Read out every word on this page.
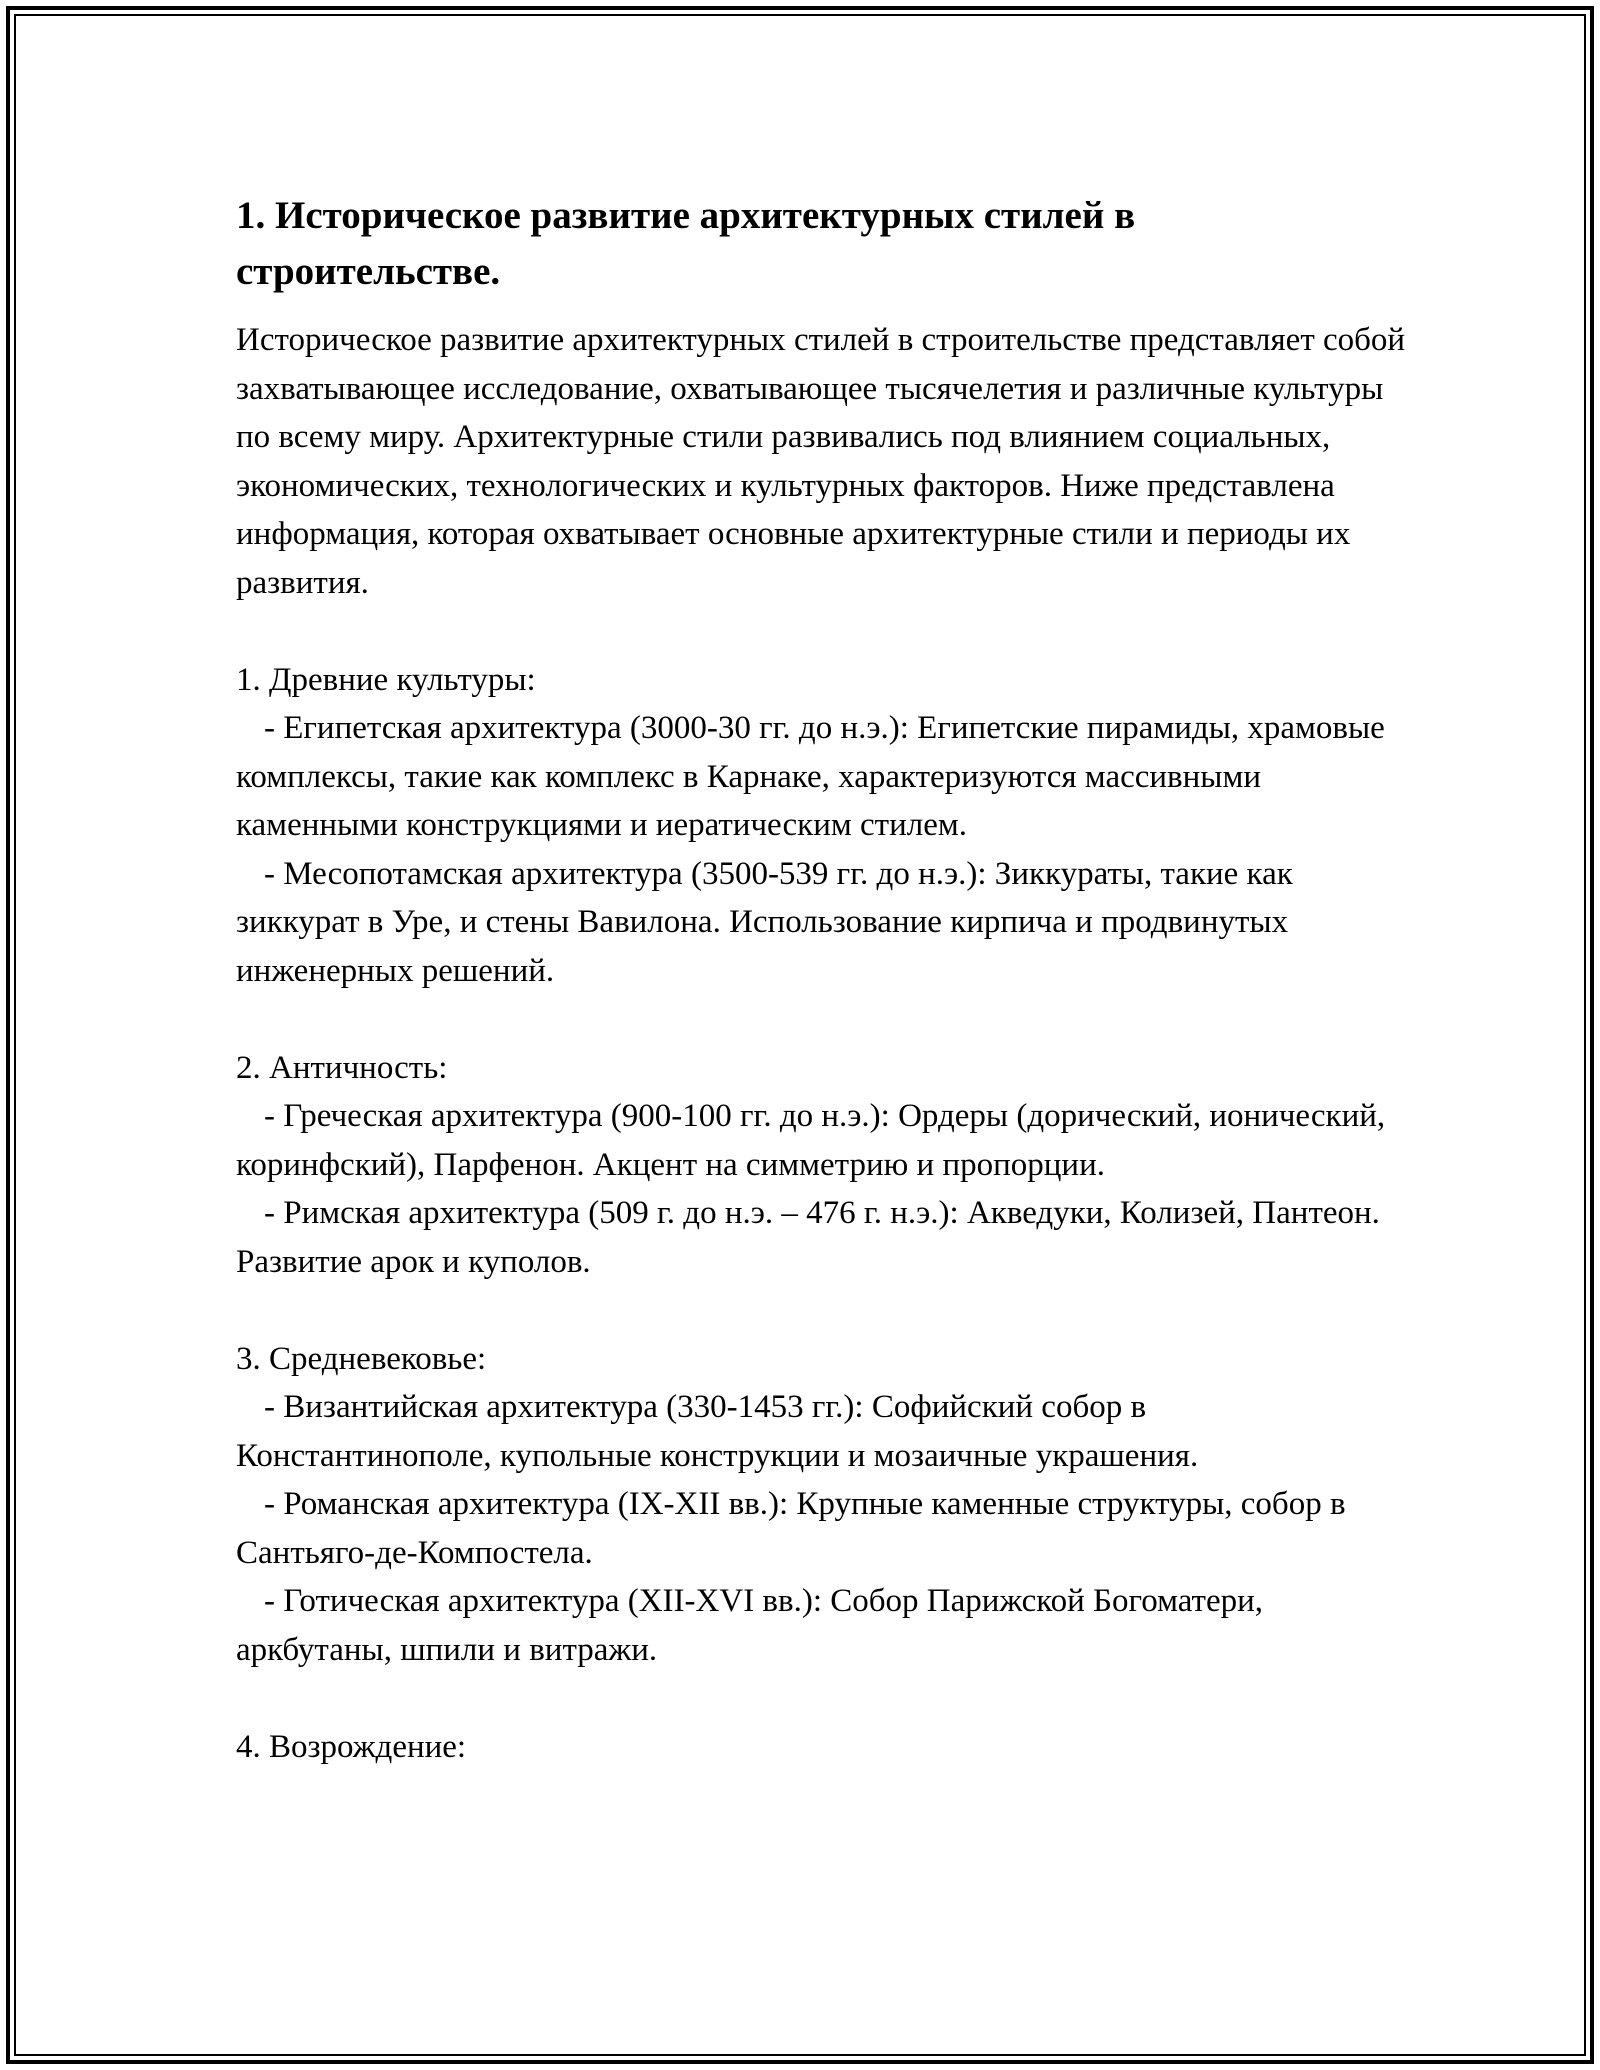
1. Историческое развитие архитектурных стилей в строительстве.

Историческое развитие архитектурных стилей в строительстве представляет собой захватывающее исследование, охватывающее тысячелетия и различные культуры по всему миру. Архитектурные стили развивались под влиянием социальных, экономических, технологических и культурных факторов. Ниже представлена информация, которая охватывает основные архитектурные стили и периоды их развития.

1. Древние культуры:

- Египетская архитектура (3000-30 гг. до н.э.): Египетские пирамиды, храмовые комплексы, такие как комплекс в Карнаке, характеризуются массивными каменными конструкциями и иератическим стилем.

- Месопотамская архитектура (3500-539 гг. до н.э.): Зиккураты, такие как зиккурат в Уре, и стены Вавилона. Использование кирпича и продвинутых инженерных решений.

2. Античность:

- Греческая архитектура (900-100 гг. до н.э.): Ордеры (дорический, ионический, коринфский), Парфенон. Акцент на симметрию и пропорции.

- Римская архитектура (509 г. до н.э. – 476 г. н.э.): Акведуки, Колизей, Пантеон. Развитие арок и куполов.

3. Средневековье:

- Византийская архитектура (330-1453 гг.): Софийский собор в Константинополе, купольные конструкции и мозаичные украшения.

- Романская архитектура (IX-XII вв.): Крупные каменные структуры, собор в Сантьяго-де-Компостела.

- Готическая архитектура (XII-XVI вв.): Собор Парижской Богоматери, аркбутаны, шпили и витражи.

4. Возрождение:
